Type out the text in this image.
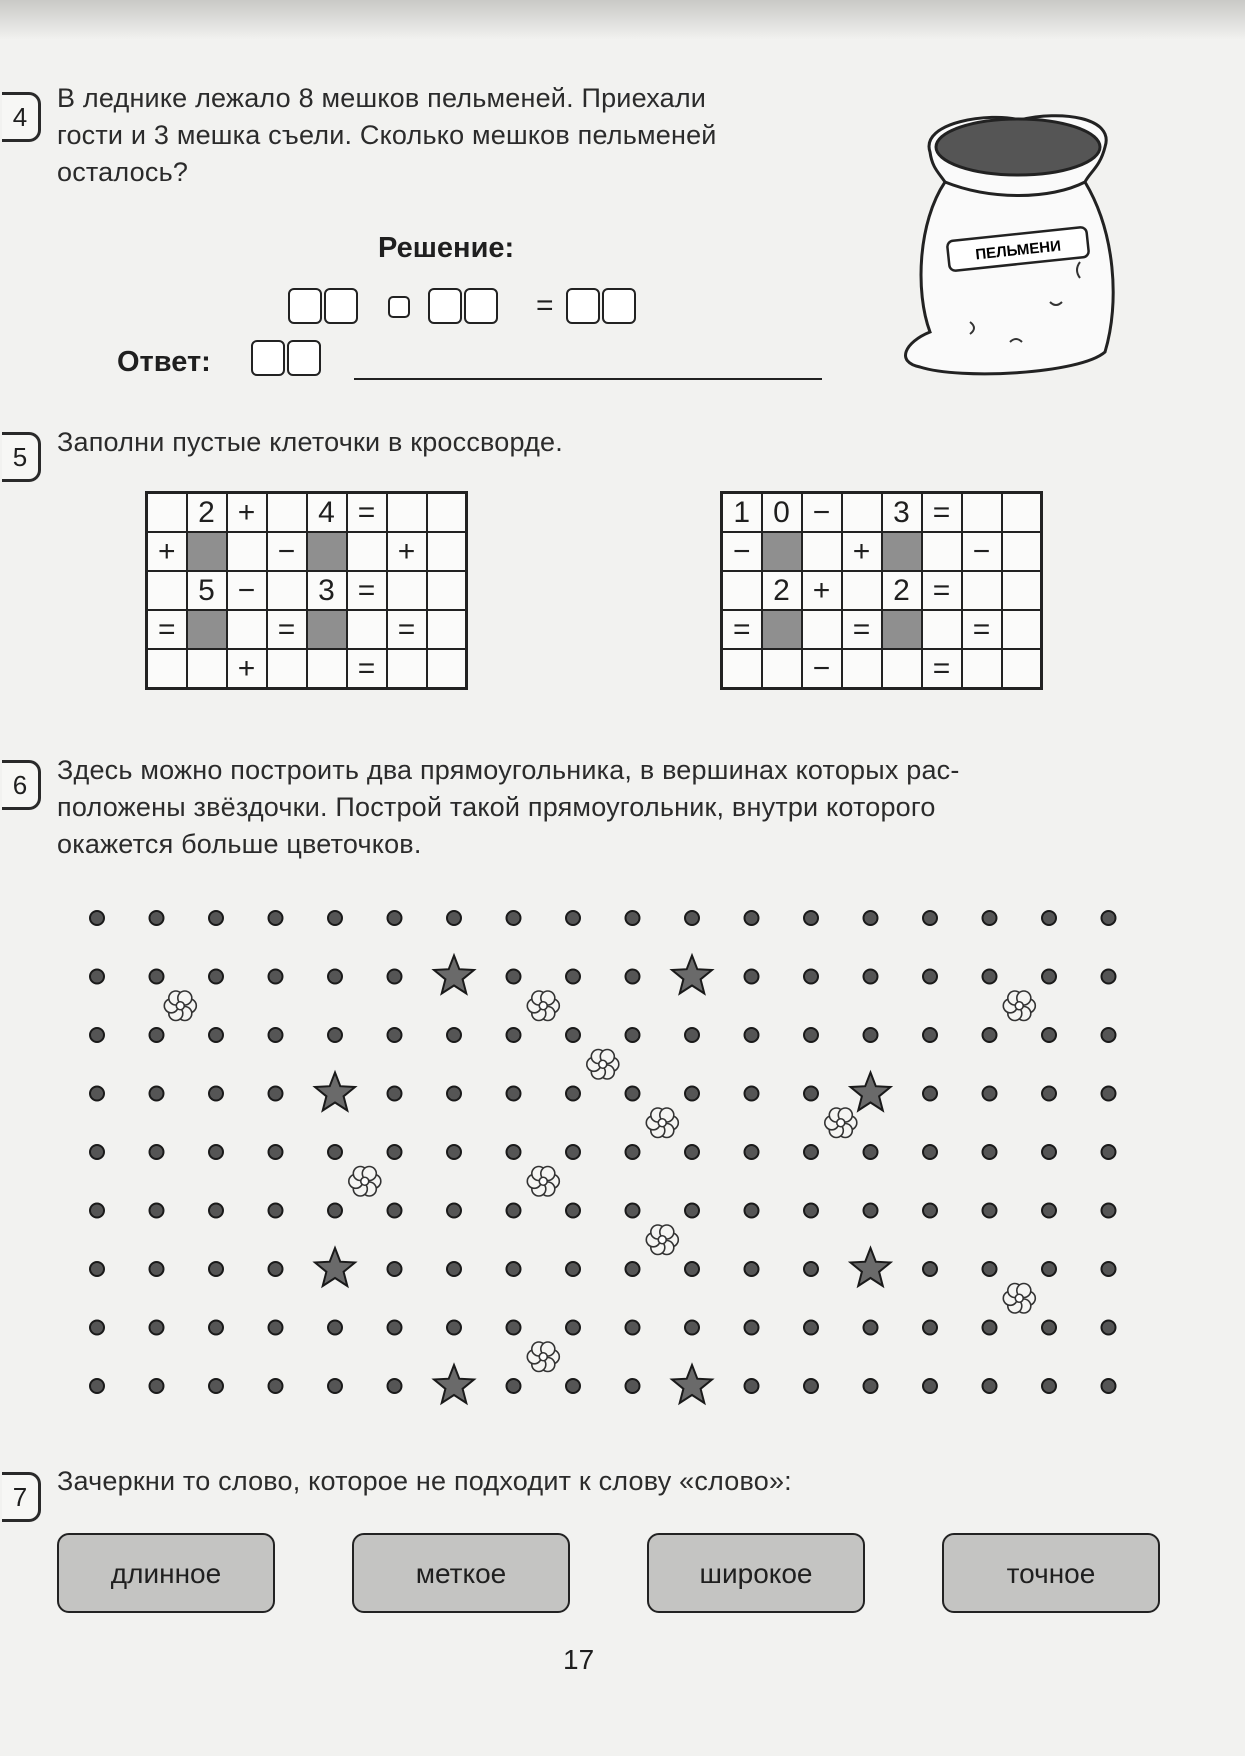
4
В леднике лежало 8 мешков пельменей. Приехали
гости и 3 мешка съели. Сколько мешков пельменей
осталось?
Решение:
=
Ответ:
ПЕЛЬМЕНИ
5	Заполни пустые клеточки в кроссворде.
	2	+		4	=		
+			−			+	
	5	−		3	=		
=			=			=	
		+			=		
1	0	−		3	=		
−			+			−	
	2	+		2	=		
=			=			=	
		−			=		
6	Здесь можно построить два прямоугольника, в вершинах которых рас-
положены звёздочки. Построй такой прямоугольник, внутри которого
окажется больше цветочков.
7
Зачеркни то слово, которое не подходит к слову «слово»:
длинное	меткое	широкое	точное
17
